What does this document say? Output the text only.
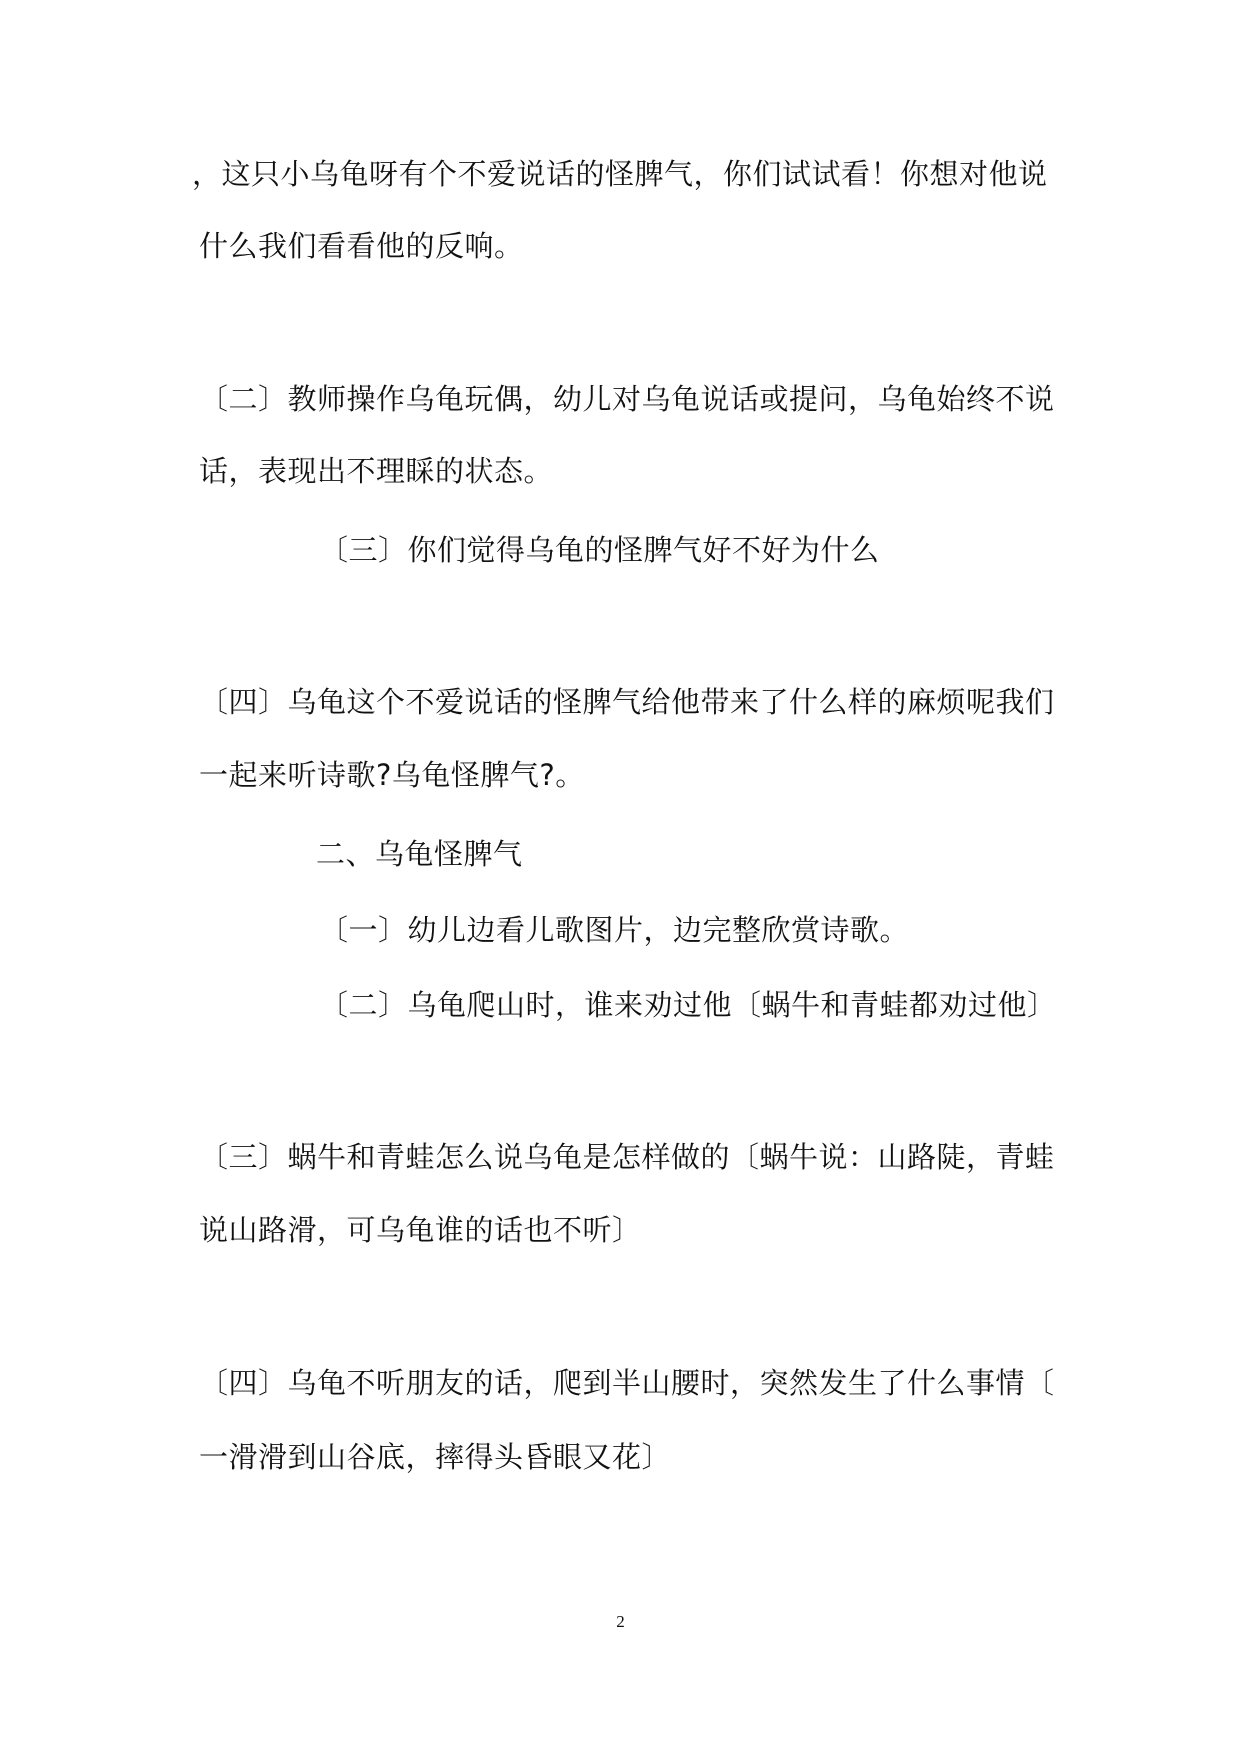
，这只小乌龟呀有个不爱说话的怪脾气，你们试试看！你想对他说

什么我们看看他的反响。

〔二〕教师操作乌龟玩偶，幼儿对乌龟说话或提问，乌龟始终不说

话，表现出不理睬的状态。

〔三〕你们觉得乌龟的怪脾气好不好为什么

〔四〕乌龟这个不爱说话的怪脾气给他带来了什么样的麻烦呢我们

一起来听诗歌?乌龟怪脾气?。

二、乌龟怪脾气

〔一〕幼儿边看儿歌图片，边完整欣赏诗歌。

〔二〕乌龟爬山时，谁来劝过他〔蜗牛和青蛙都劝过他〕

〔三〕蜗牛和青蛙怎么说乌龟是怎样做的〔蜗牛说：山路陡，青蛙

说山路滑，可乌龟谁的话也不听〕

〔四〕乌龟不听朋友的话，爬到半山腰时，突然发生了什么事情〔

一滑滑到山谷底，摔得头昏眼又花〕

2
